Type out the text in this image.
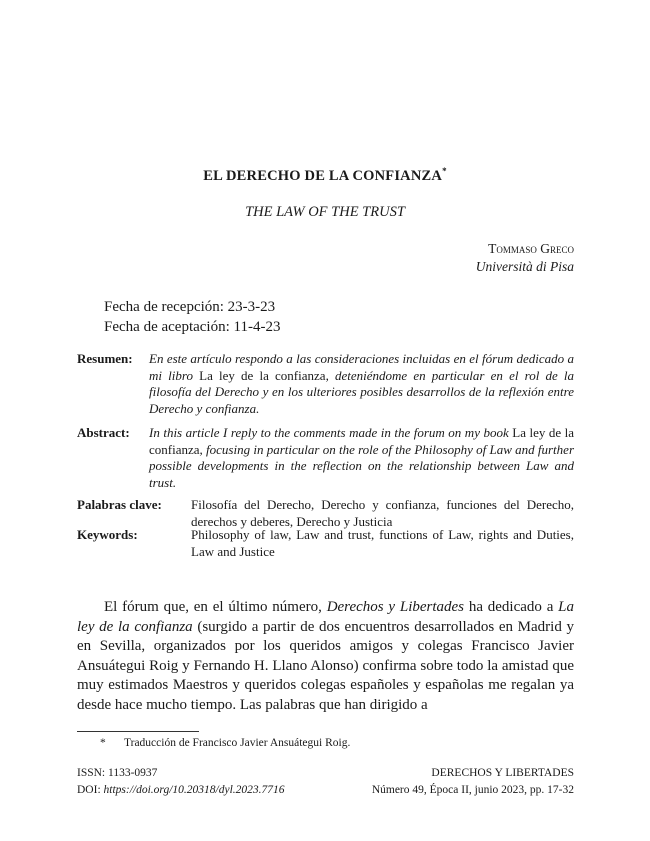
EL DERECHO DE LA CONFIANZA*
THE LAW OF THE TRUST
Tommaso Greco
Università di Pisa
Fecha de recepción: 23-3-23
Fecha de aceptación: 11-4-23
Resumen: En este artículo respondo a las consideraciones incluidas en el fórum dedicado a mi libro La ley de la confianza, deteniéndome en particular en el rol de la filosofía del Derecho y en los ulteriores posibles desarrollos de la reflexión entre Derecho y confianza.
Abstract: In this article I reply to the comments made in the forum on my book La ley de la confianza, focusing in particular on the role of the Philosophy of Law and further possible developments in the reflection on the relationship between Law and trust.
Palabras clave: Filosofía del Derecho, Derecho y confianza, funciones del Derecho, derechos y deberes, Derecho y Justicia
Keywords:	Philosophy of law, Law and trust, functions of Law, rights and Duties, Law and Justice

El fórum que, en el último número, Derechos y Libertades ha dedicado a La ley de la confianza (surgido a partir de dos encuentros desarrollados en Madrid y en Sevilla, organizados por los queridos amigos y colegas Francisco Javier Ansuátegui Roig y Fernando H. Llano Alonso) confirma sobre todo la amistad que muy estimados Maestros y queridos colegas españoles y españolas me regalan ya desde hace mucho tiempo. Las palabras que han dirigido a

* Traducción de Francisco Javier Ansuátegui Roig.
ISSN: 1133-0937
DOI: https://doi.org/10.20318/dyl.2023.7716
DERECHOS Y LIBERTADES
Número 49, Época II, junio 2023, pp. 17-32
